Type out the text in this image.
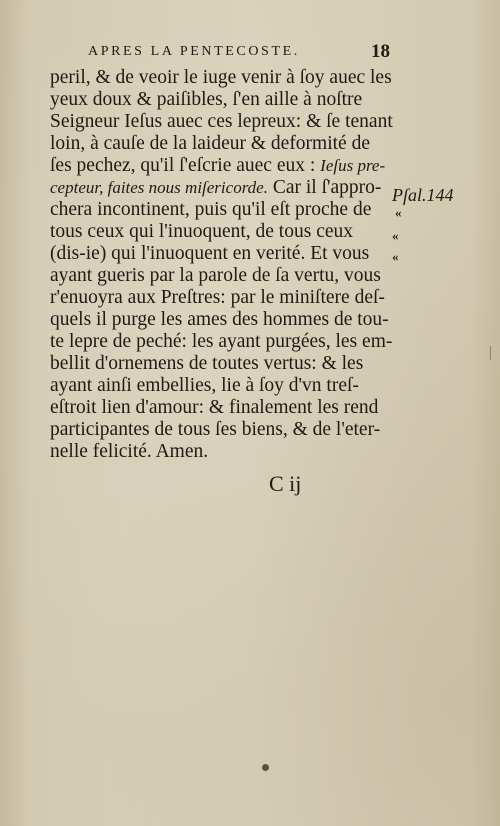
APRES LA PENTECOSTE.	18
peril, & de veoir le iuge venir à ſoy auec les
yeux doux & paiſibles, ſ'en aille à noſtre
Seigneur Ieſus auec ces lepreux: & ſe tenant
loin, à cauſe de la laideur & deformité de
ſes pechez, qu'il ſ'eſcrie auec eux : Ieſus pre-
cepteur, faites nous miſericorde. Car il ſ'appro-
chera incontinent, puis qu'il eſt proche de
tous ceux qui l'inuoquent, de tous ceux
(dis-ie) qui l'inuoquent en verité. Et vous
ayant gueris par la parole de ſa vertu, vous
r'enuoyra aux Preſtres: par le miniſtere deſ-
quels il purge les ames des hommes de tou-
te lepre de peché: les ayant purgées, les em-
bellit d'ornemens de toutes vertus: & les
ayant ainſi embellies, lie à ſoy d'vn treſ-
eſtroit lien d'amour: & finalement les rend
participantes de tous ſes biens, & de l'eter-
nelle felicité. Amen.
Pſal.144
«
«
«
C ij
